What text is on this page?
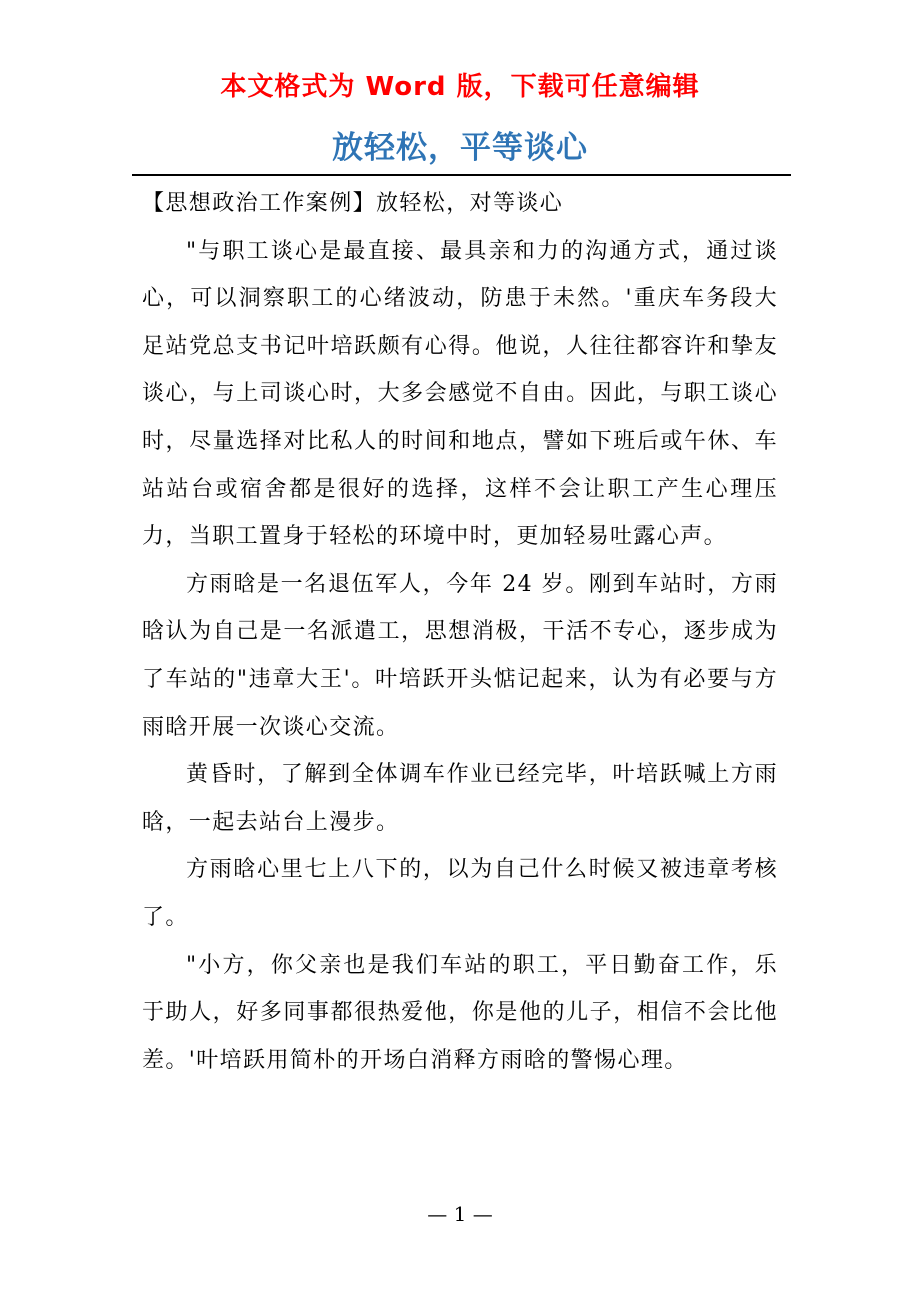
本文格式为 Word 版，下载可任意编辑
放轻松，平等谈心

【思想政治工作案例】放轻松，对等谈心

"与职工谈心是最直接、最具亲和力的沟通方式，通过谈心，可以洞察职工的心绪波动，防患于未然。'重庆车务段大足站党总支书记叶培跃颇有心得。他说，人往往都容许和挚友谈心，与上司谈心时，大多会感觉不自由。因此，与职工谈心时，尽量选择对比私人的时间和地点，譬如下班后或午休、车站站台或宿舍都是很好的选择，这样不会让职工产生心理压力，当职工置身于轻松的环境中时，更加轻易吐露心声。

方雨晗是一名退伍军人，今年 24 岁。刚到车站时，方雨晗认为自己是一名派遣工，思想消极，干活不专心，逐步成为了车站的"违章大王'。叶培跃开头惦记起来，认为有必要与方雨晗开展一次谈心交流。

黄昏时，了解到全体调车作业已经完毕，叶培跃喊上方雨晗，一起去站台上漫步。

方雨晗心里七上八下的，以为自己什么时候又被违章考核了。

"小方，你父亲也是我们车站的职工，平日勤奋工作，乐于助人，好多同事都很热爱他，你是他的儿子，相信不会比他差。'叶培跃用简朴的开场白消释方雨晗的警惕心理。

— 1 —
